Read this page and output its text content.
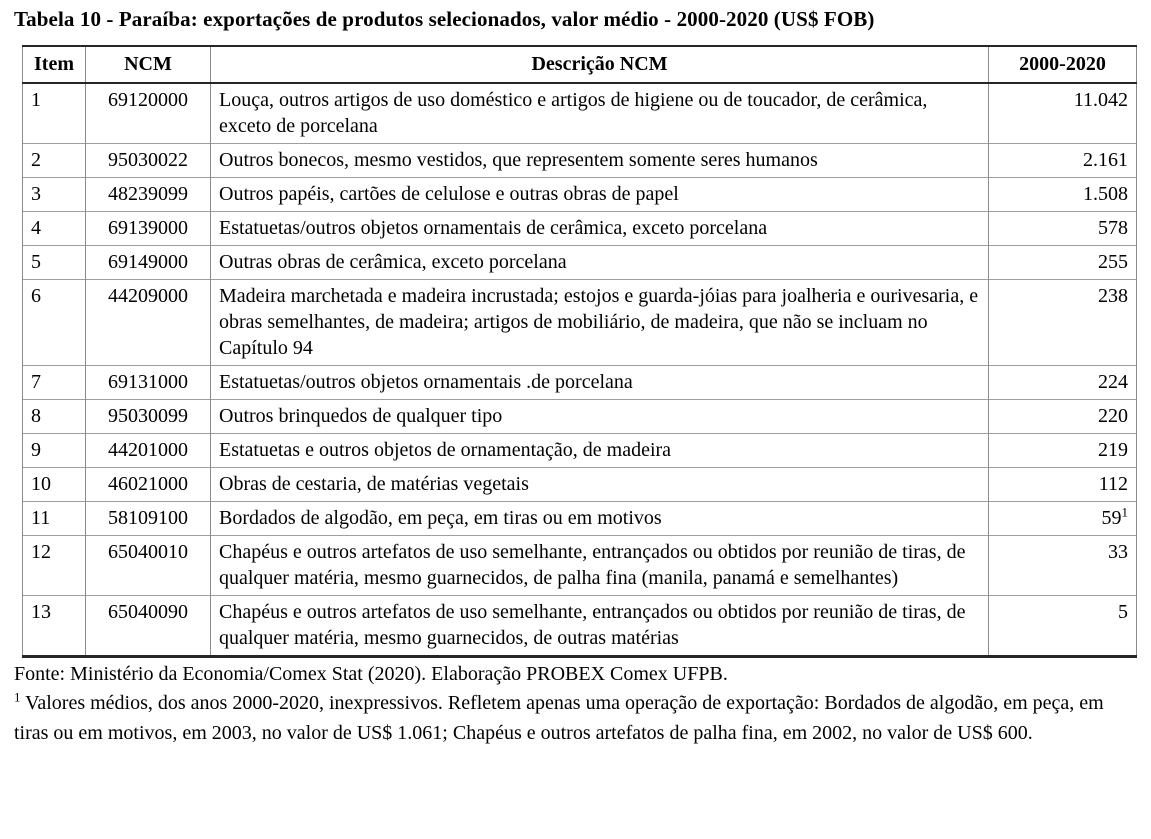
Tabela 10 - Paraíba: exportações de produtos selecionados, valor médio - 2000-2020 (US$ FOB)
Item	NCM	Descrição NCM	2000-2020
1	69120000	Louça, outros artigos de uso doméstico e artigos de higiene ou de toucador, de cerâmica, exceto de porcelana	11.042
2	95030022	Outros bonecos, mesmo vestidos, que representem somente seres humanos	2.161
3	48239099	Outros papéis, cartões de celulose e outras obras de papel	1.508
4	69139000	Estatuetas/outros objetos ornamentais de cerâmica, exceto porcelana	578
5	69149000	Outras obras de cerâmica, exceto porcelana	255
6	44209000	Madeira marchetada e madeira incrustada; estojos e guarda-jóias para joalheria e ourivesaria, e obras semelhantes, de madeira; artigos de mobiliário, de madeira, que não se incluam no Capítulo 94	238
7	69131000	Estatuetas/outros objetos ornamentais .de porcelana	224
8	95030099	Outros brinquedos de qualquer tipo	220
9	44201000	Estatuetas e outros objetos de ornamentação, de madeira	219
10	46021000	Obras de cestaria, de matérias vegetais	112
11	58109100	Bordados de algodão, em peça, em tiras ou em motivos	$59^1$
12	65040010	Chapéus e outros artefatos de uso semelhante, entrançados ou obtidos por reunião de tiras, de qualquer matéria, mesmo guarnecidos, de palha fina (manila, panamá e semelhantes)	33
13	65040090	Chapéus e outros artefatos de uso semelhante, entrançados ou obtidos por reunião de tiras, de qualquer matéria, mesmo guarnecidos, de outras matérias	5
Fonte: Ministério da Economia/Comex Stat (2020). Elaboração PROBEX Comex UFPB.
$^1$ Valores médios, dos anos 2000-2020, inexpressivos. Refletem apenas uma operação de exportação: Bordados de algodão, em peça, em tiras ou em motivos, em 2003, no valor de US$ 1.061; Chapéus e outros artefatos de palha fina, em 2002, no valor de US$ 600.
